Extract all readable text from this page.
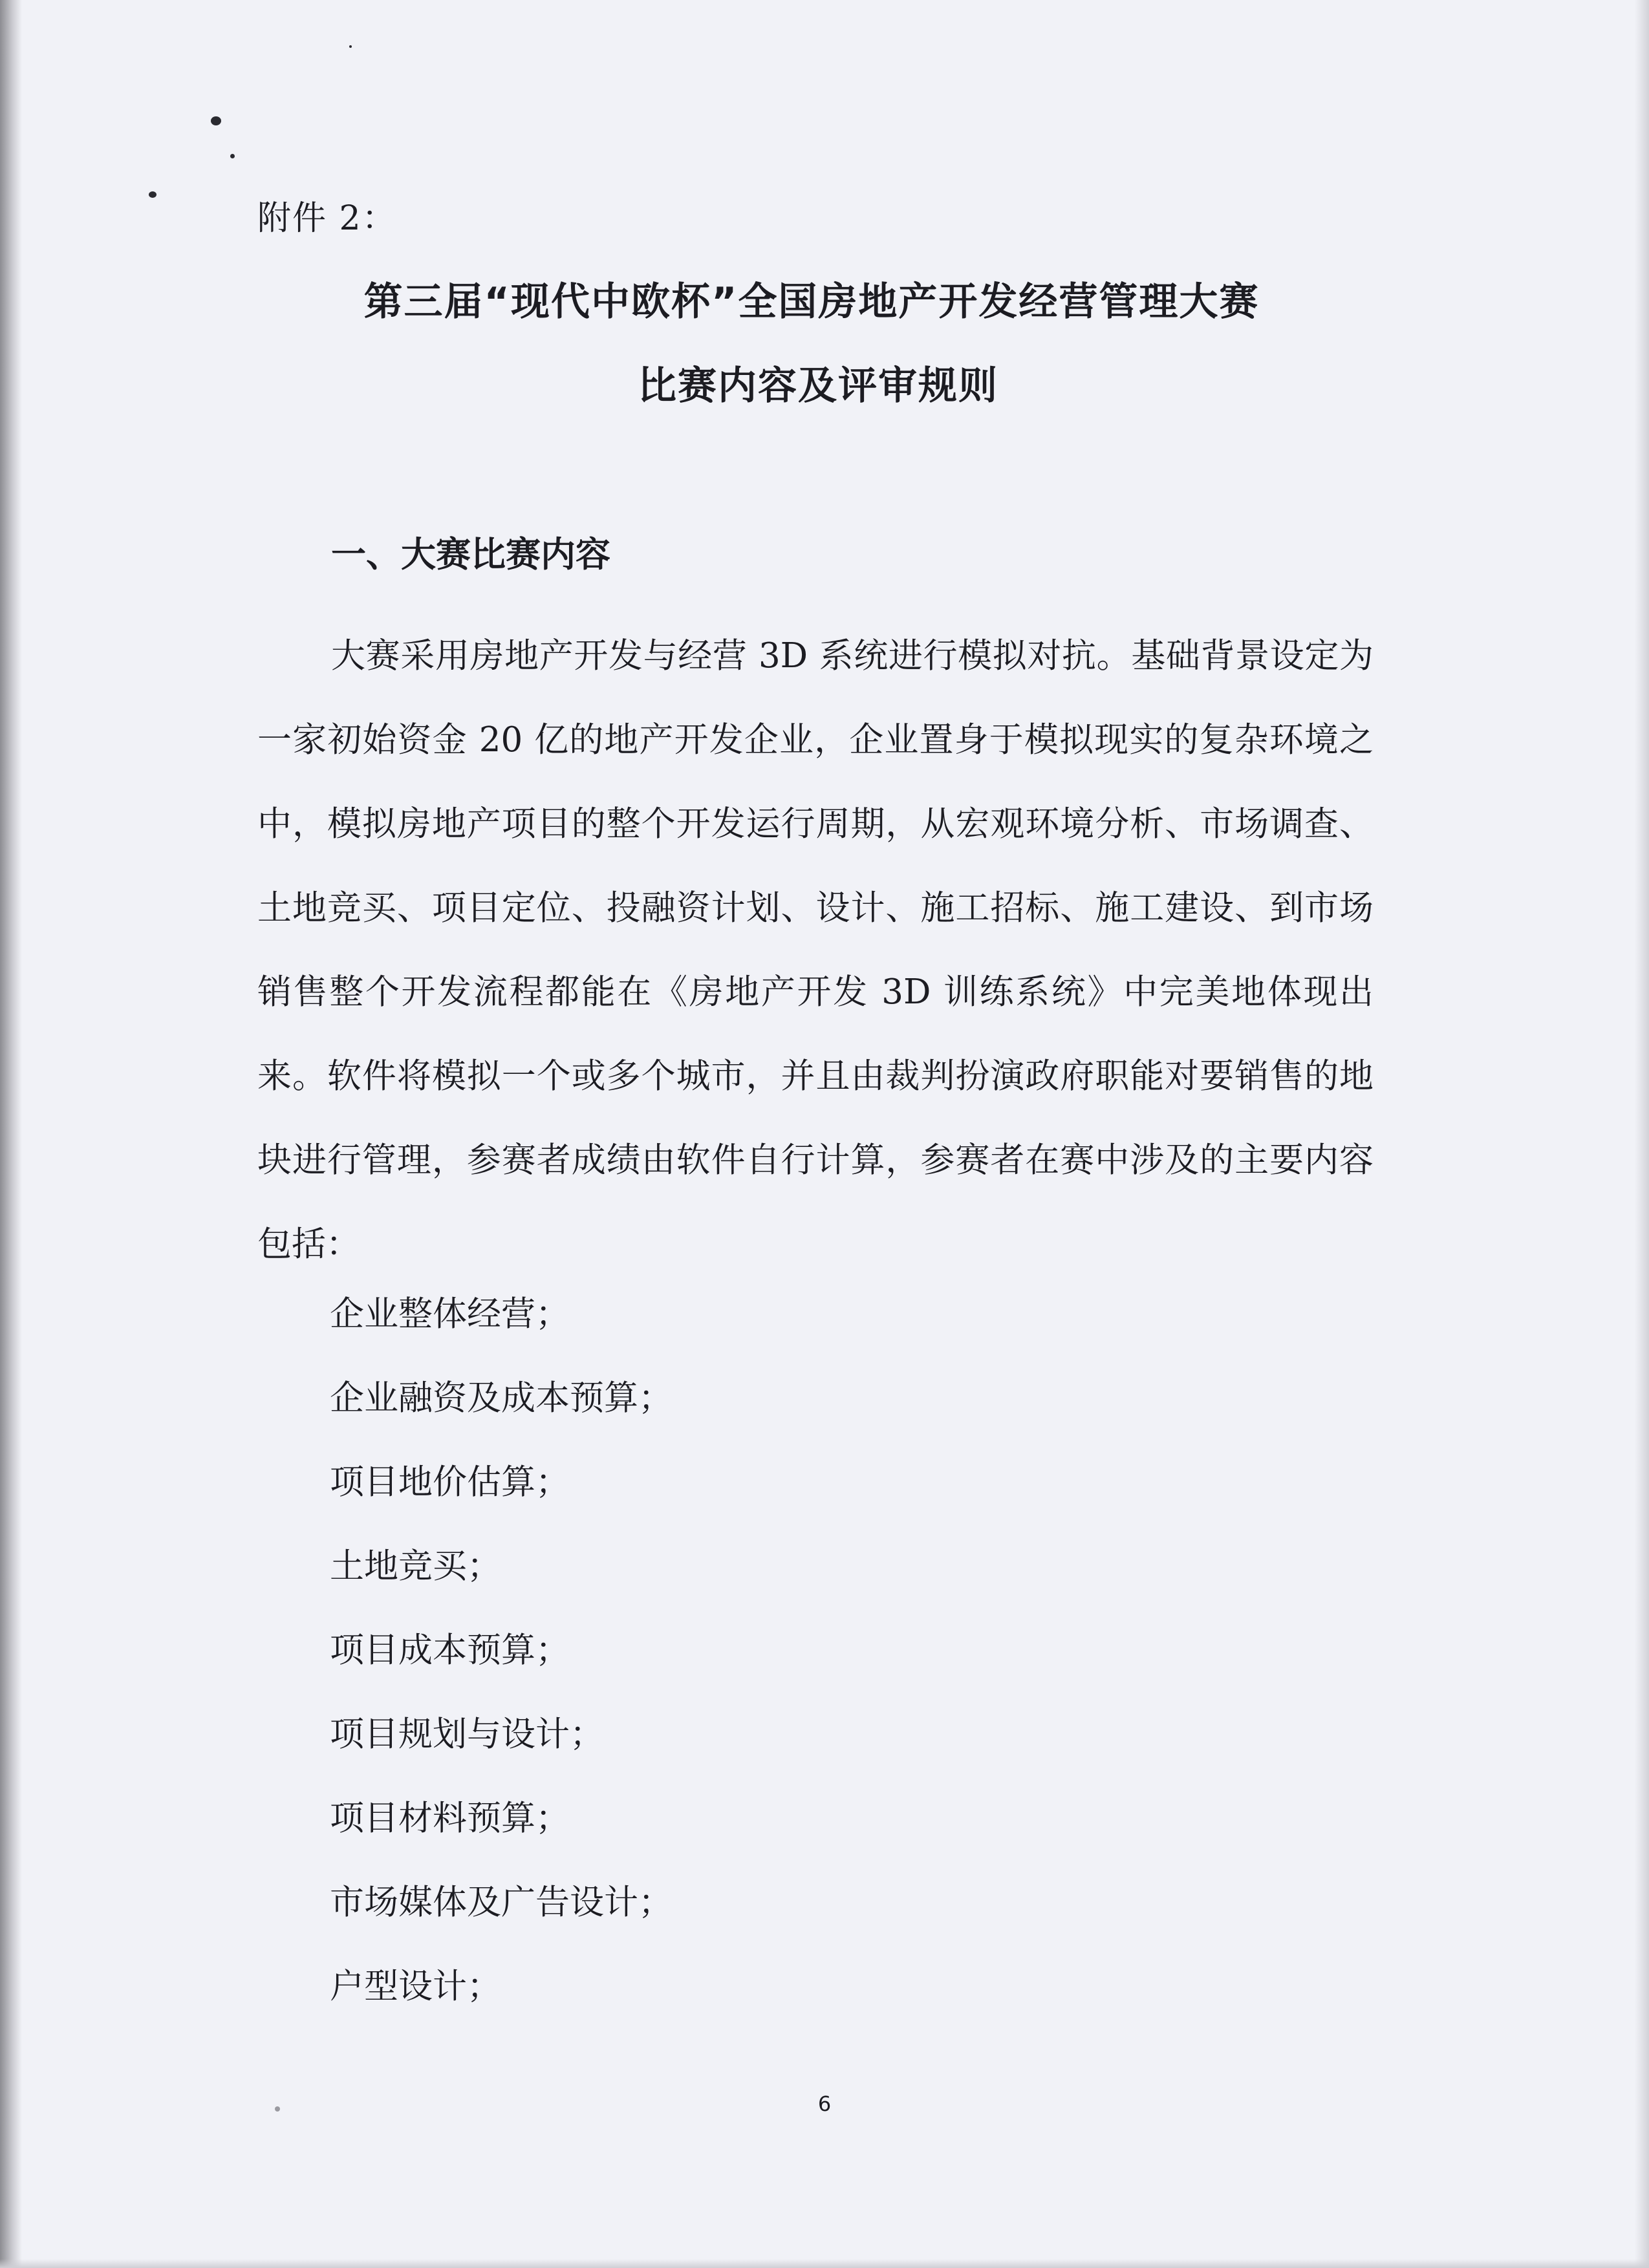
附件 2：
第三届“现代中欧杯”全国房地产开发经营管理大赛
比赛内容及评审规则
一、大赛比赛内容

大赛采用房地产开发与经营 3D 系统进行模拟对抗。基础背景设定为一家初始资金 20 亿的地产开发企业，企业置身于模拟现实的复杂环境之中，模拟房地产项目的整个开发运行周期，从宏观环境分析、市场调查、土地竞买、项目定位、投融资计划、设计、施工招标、施工建设、到市场销售整个开发流程都能在《房地产开发 3D 训练系统》中完美地体现出来。软件将模拟一个或多个城市，并且由裁判扮演政府职能对要销售的地块进行管理，参赛者成绩由软件自行计算，参赛者在赛中涉及的主要内容包括：

企业整体经营；
企业融资及成本预算；
项目地价估算；
土地竞买；
项目成本预算；
项目规划与设计；
项目材料预算；
市场媒体及广告设计；
户型设计；
6
